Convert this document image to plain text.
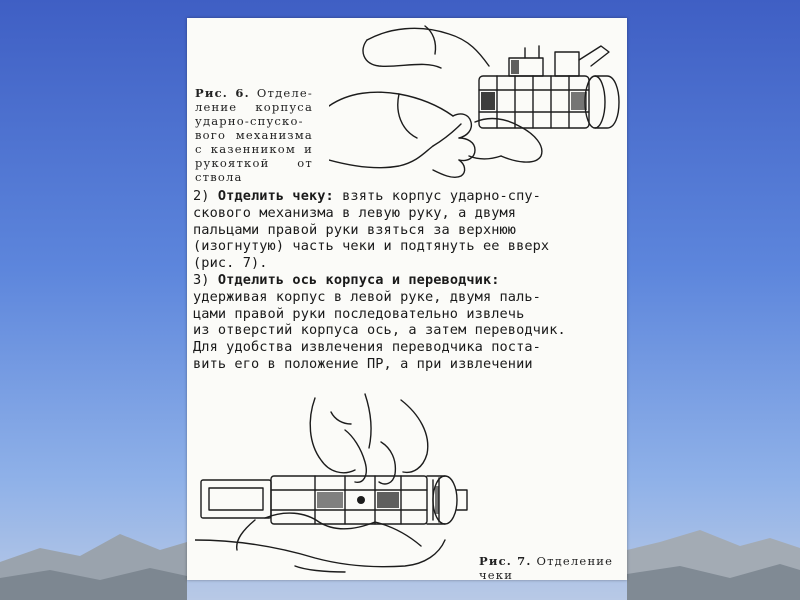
Рис. 6. Отделе-ление корпуса ударно-спуско-вого механизма с казенником и рукояткой от ствола
2) Отделить чеку: взять корпус ударно-спу-
скового механизма в левую руку, а двумя
пальцами правой руки взяться за верхнюю
(изогнутую) часть чеки и подтянуть ее вверх
(рис. 7).
3) Отделить ось корпуса и переводчик:
удерживая корпус в левой руке, двумя паль-
цами правой руки последовательно извлечь
из отверстий корпуса ось, а затем переводчик.
Для удобства извлечения переводчика поста-
вить его в положение ПР, а при извлечении
Рис. 7. Отделение чеки
